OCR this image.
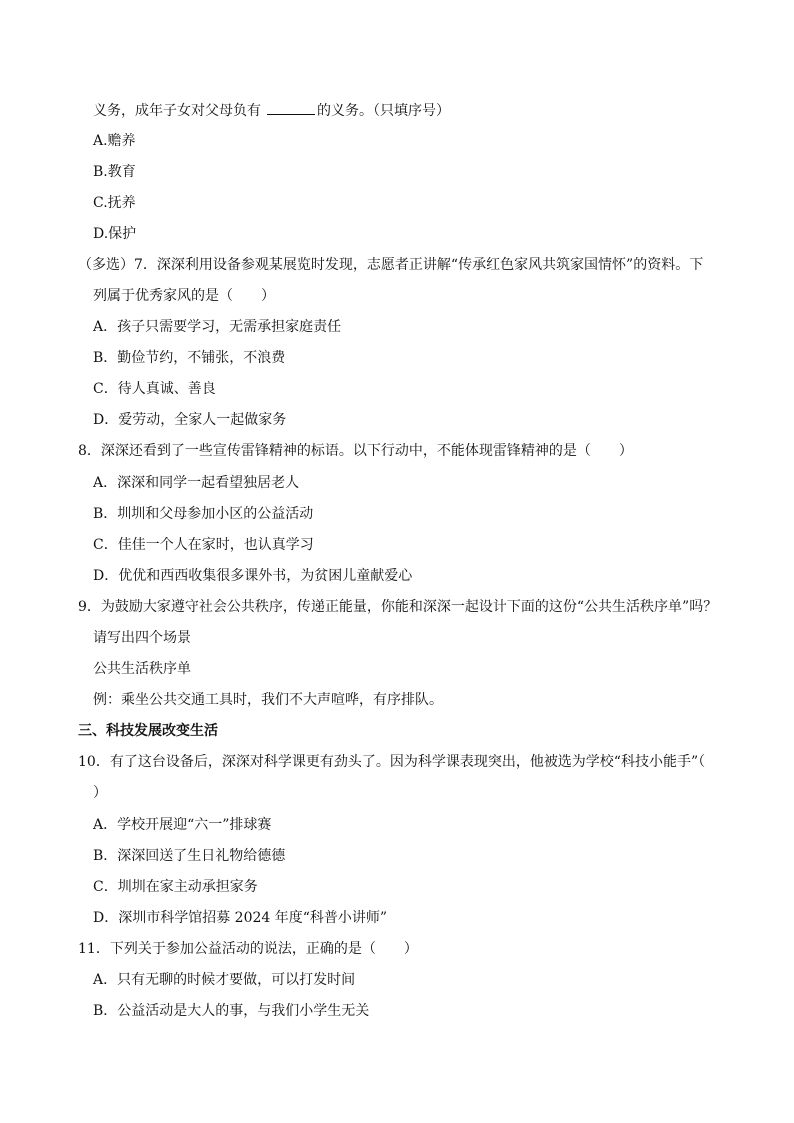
义务，成年子女对父母负有	的义务。（只填序号）
A.赡养
B.教育
C.抚养
D.保护
（多选）7．深深利用设备参观某展览时发现，志愿者正讲解“传承红色家风共筑家国情怀”的资料。下
列属于优秀家风的是（　　）
A．孩子只需要学习，无需承担家庭责任
B．勤俭节约，不铺张，不浪费
C．待人真诚、善良
D．爱劳动，全家人一起做家务
8．深深还看到了一些宣传雷锋精神的标语。以下行动中，不能体现雷锋精神的是（　　）
A．深深和同学一起看望独居老人
B．圳圳和父母参加小区的公益活动
C．佳佳一个人在家时，也认真学习
D．优优和西西收集很多课外书，为贫困儿童献爱心
9．为鼓励大家遵守社会公共秩序，传递正能量，你能和深深一起设计下面的这份“公共生活秩序单”吗？
请写出四个场景
公共生活秩序单
例：乘坐公共交通工具时，我们不大声喧哗，有序排队。
三、科技发展改变生活
10．有了这台设备后，深深对科学课更有劲头了。因为科学课表现突出，他被选为学校“科技小能手”（
）
A．学校开展迎“六一”排球赛
B．深深回送了生日礼物给德德
C．圳圳在家主动承担家务
D．深圳市科学馆招募 2024 年度“科普小讲师”
11．下列关于参加公益活动的说法，正确的是（　　）
A．只有无聊的时候才要做，可以打发时间
B．公益活动是大人的事，与我们小学生无关
